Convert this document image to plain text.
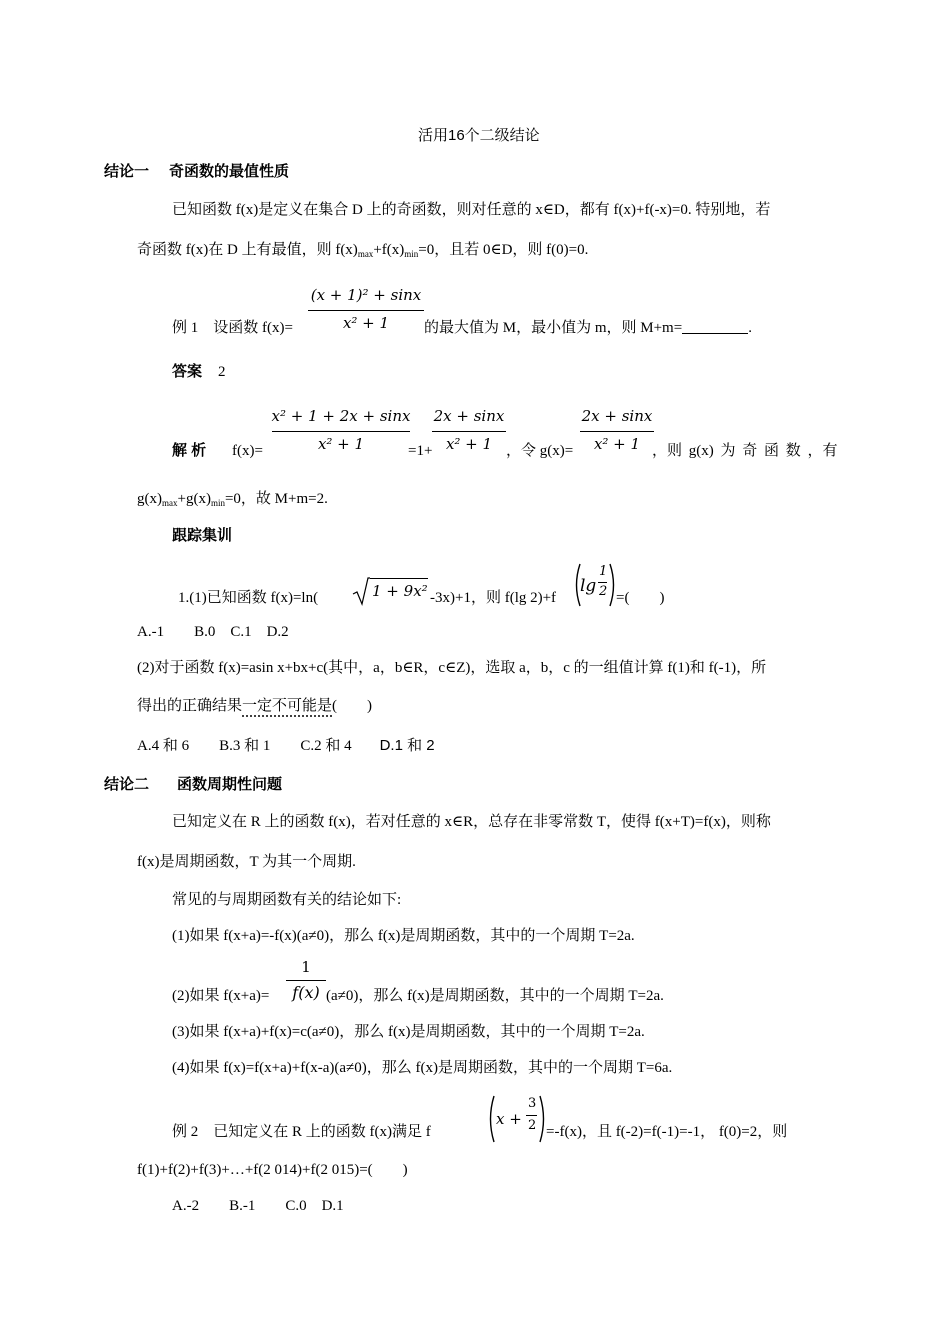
活用16个二级结论
结论一 奇函数的最值性质
已知函数 f(x)是定义在集合 D 上的奇函数，则对任意的 x∈D，都有 f(x)+f(-x)=0. 特别地，若
奇函数 f(x)在 D 上有最值，则 $f(x)_{max}+f(x)_{min}=0$，且若 0∈D，则 f(0)=0.
例 1　设函数 f(x)=
(x + 1)² + sinx
x² + 1	的最大值为 M，最小值为 m，则 M+m=	.
答案 2
解 析 f(x)=
x² + 1 + 2x + sinx
x² + 1	=1+
2x + sinx
x² + 1 ，令 g(x)=
2x + sinx
x² + 1 ，则 g(x) 为 奇 函 数 ，有
$g(x)_{max}+g(x)_{min}=0$，故 M+m=2.
跟踪集训
1.(1)已知函数 f(x)=ln(	1 + 9x² -3x)+1，则 f(lg 2)+f
lg
1
2 =(　　)
A.-1　　B.0　C.1　D.2
(2)对于函数 f(x)=asin x+bx+c(其中，a，b∈R，c∈Z)，选取 a，b，c 的一组值计算 f(1)和 f(-1)，所
得出的正确结果一定不可能是(　　)
A.4 和 6　　B.3 和 1　　C.2 和 4 D.1 和 2
结论二 函数周期性问题
已知定义在 R 上的函数 f(x)，若对任意的 x∈R，总存在非零常数 T，使得 f(x+T)=f(x)，则称
f(x)是周期函数，T 为其一个周期.
常见的与周期函数有关的结论如下:
(1)如果 f(x+a)=-f(x)(a≠0)，那么 f(x)是周期函数，其中的一个周期 T=2a.
(2)如果 f(x+a)=
1
f(x) (a≠0)，那么 f(x)是周期函数，其中的一个周期 T=2a.
(3)如果 f(x+a)+f(x)=c(a≠0)，那么 f(x)是周期函数，其中的一个周期 T=2a.
(4)如果 f(x)=f(x+a)+f(x-a)(a≠0)，那么 f(x)是周期函数，其中的一个周期 T=6a.
例 2　已知定义在 R 上的函数 f(x)满足 f
x +
3
2 =-f(x)，且 f(-2)=f(-1)=-1， f(0)=2，则
f(1)+f(2)+f(3)+…+f(2 014)+f(2 015)=(　　)
A.-2　　B.-1　　C.0　D.1
